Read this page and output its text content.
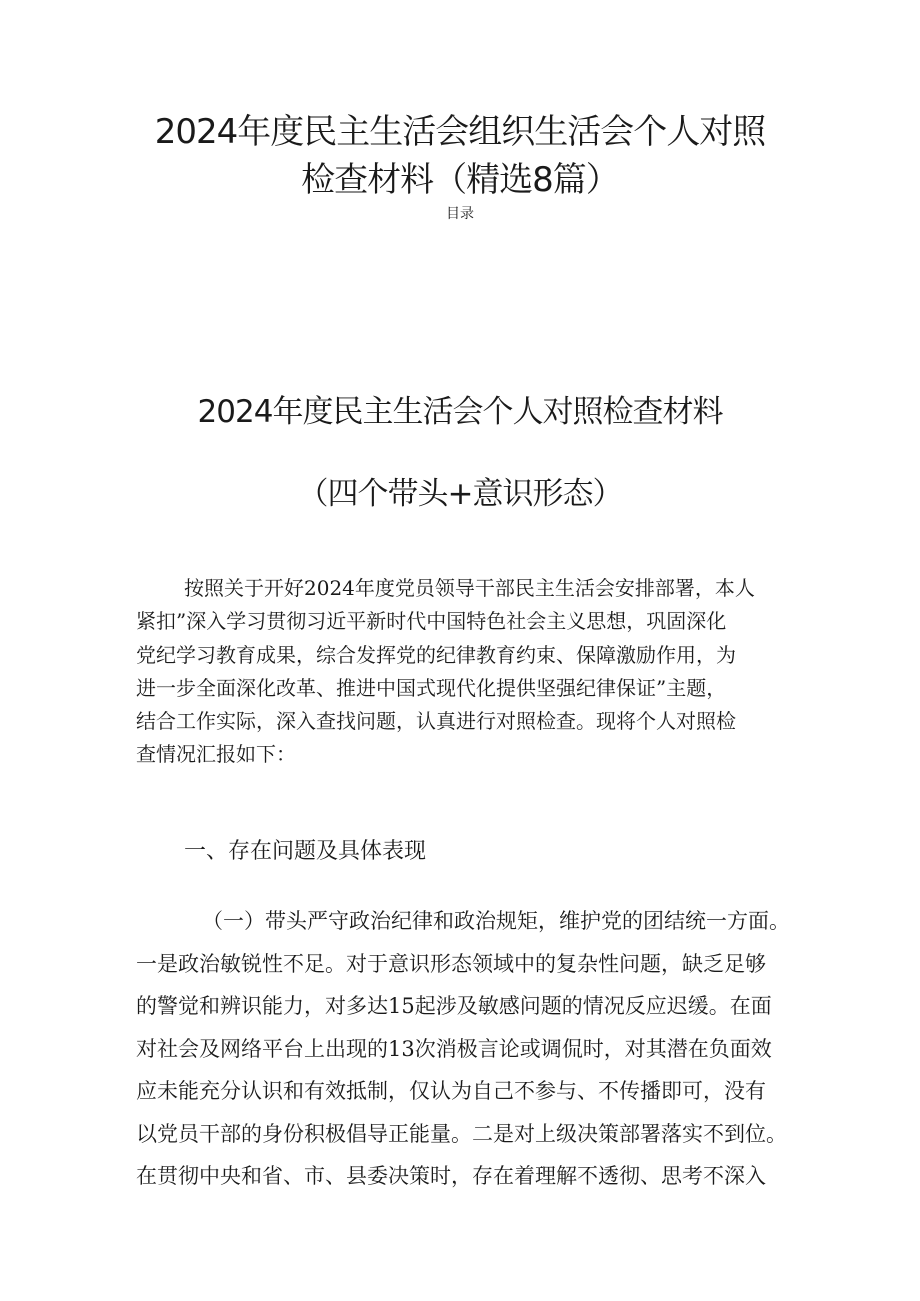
2024年度民主生活会组织生活会个人对照
检查材料（精选8篇）
目录
2024年度民主生活会个人对照检查材料
（四个带头+意识形态）

按照关于开好2024年度党员领导干部民主生活会安排部署，本人
紧扣”深入学习贯彻习近平新时代中国特色社会主义思想，巩固深化
党纪学习教育成果，综合发挥党的纪律教育约束、保障激励作用，为
进一步全面深化改革、推进中国式现代化提供坚强纪律保证”主题，
结合工作实际，深入查找问题，认真进行对照检查。现将个人对照检
查情况汇报如下：

一、存在问题及具体表现

（一）带头严守政治纪律和政治规矩，维护党的团结统一方面。
一是政治敏锐性不足。对于意识形态领域中的复杂性问题，缺乏足够
的警觉和辨识能力，对多达15起涉及敏感问题的情况反应迟缓。在面
对社会及网络平台上出现的13次消极言论或调侃时，对其潜在负面效
应未能充分认识和有效抵制，仅认为自己不参与、不传播即可，没有
以党员干部的身份积极倡导正能量。二是对上级决策部署落实不到位。
在贯彻中央和省、市、县委决策时，存在着理解不透彻、思考不深入
